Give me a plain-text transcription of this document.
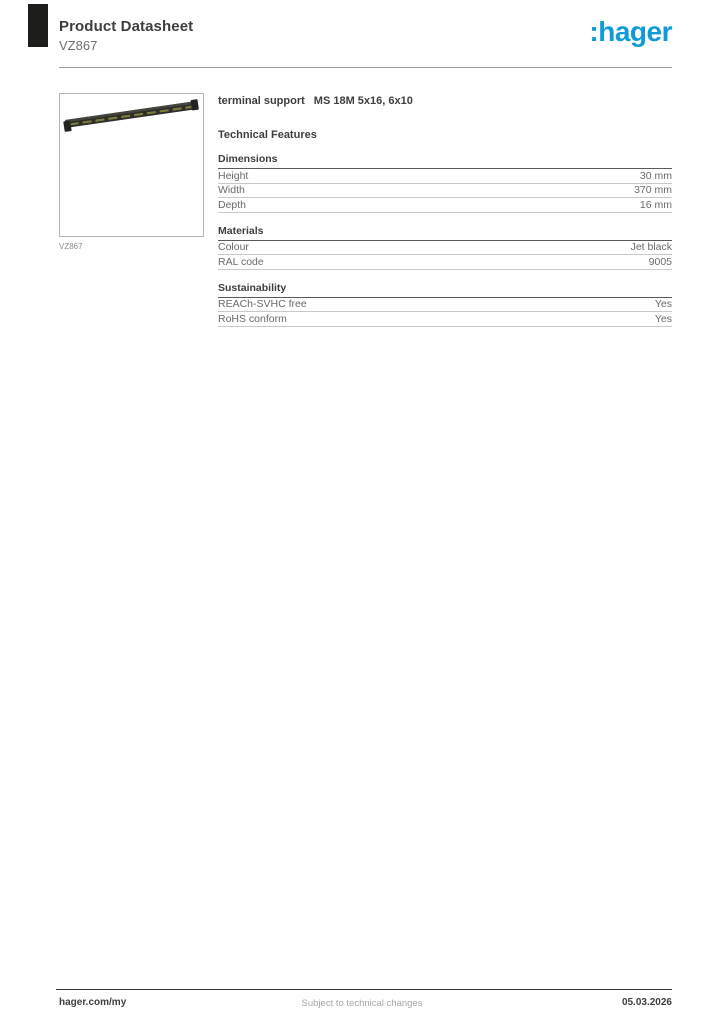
Product Datasheet
VZ867	:hager
VZ867
terminal support MS 18M 5x16, 6x10
Technical Features
Dimensions
Height	30 mm
Width	370 mm
Depth	16 mm
Materials
Colour	Jet black
RAL code	9005
Sustainability
REACh-SVHC free	Yes
RoHS conform	Yes
hager.com/my	Subject to technical changes	05.03.2026
